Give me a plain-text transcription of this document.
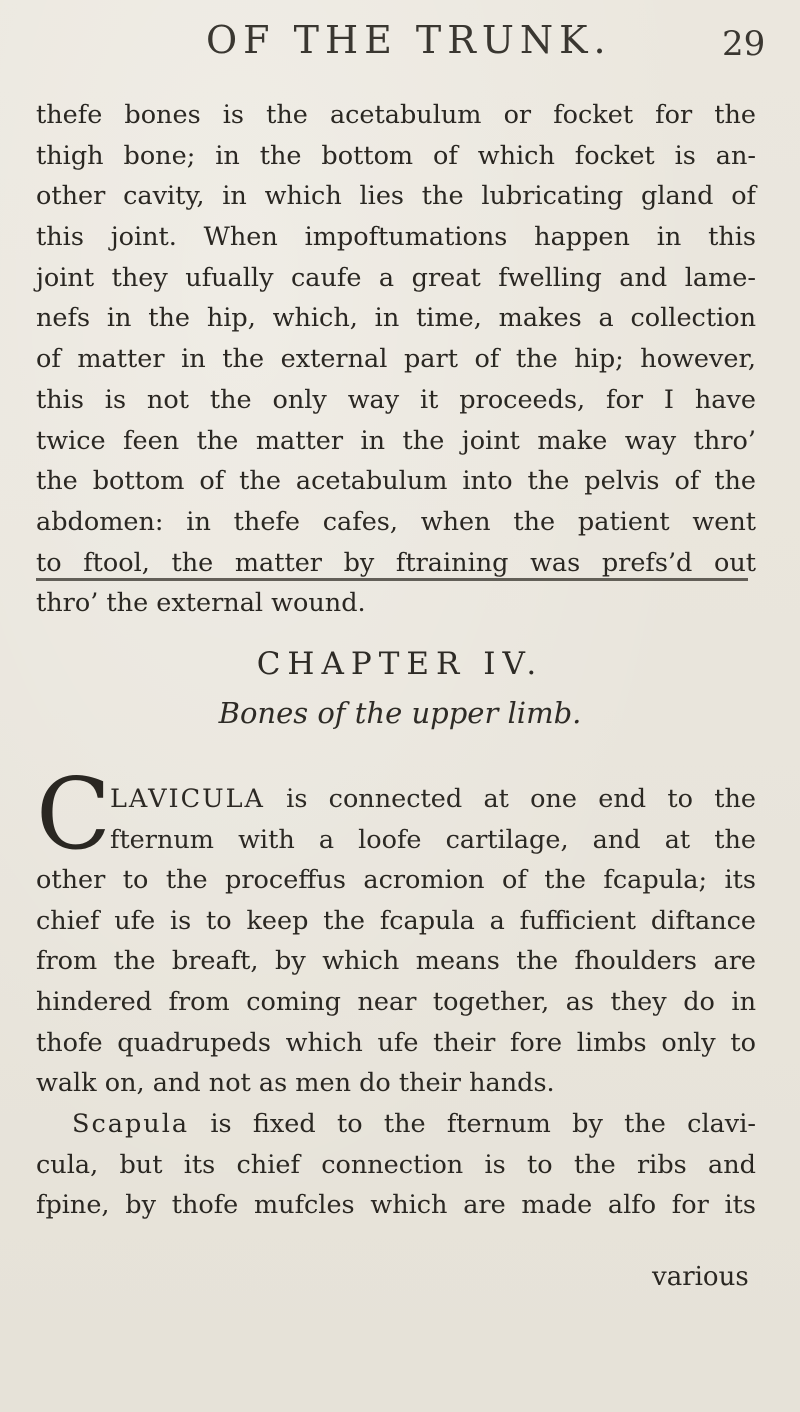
OF THE TRUNK.	29
thefe bones is the acetabulum or focket for the
thigh bone; in the bottom of which focket is an-
other cavity, in which lies the lubricating gland of
this joint. When impoftumations happen in this
joint they ufually caufe a great fwelling and lame-
nefs in the hip, which, in time, makes a collection
of matter in the external part of the hip; however,
this is not the only way it proceeds, for I have
twice feen the matter in the joint make way thro’
the bottom of the acetabulum into the pelvis of the
abdomen: in thefe cafes, when the patient went
to ftool, the matter by ftraining was prefs’d out
thro’ the external wound.
CHAPTER IV.
Bones of the upper limb.
C LAVICULA is connected at one end to the
fternum with a loofe cartilage, and at the
other to the proceffus acromion of the fcapula; its
chief ufe is to keep the fcapula a fufficient diftance
from the breaft, by which means the fhoulders are
hindered from coming near together, as they do in
thofe quadrupeds which ufe their fore limbs only to
walk on, and not as men do their hands.
Scapula is fixed to the fternum by the clavi-
cula, but its chief connection is to the ribs and
fpine, by thofe mufcles which are made alfo for its
various
